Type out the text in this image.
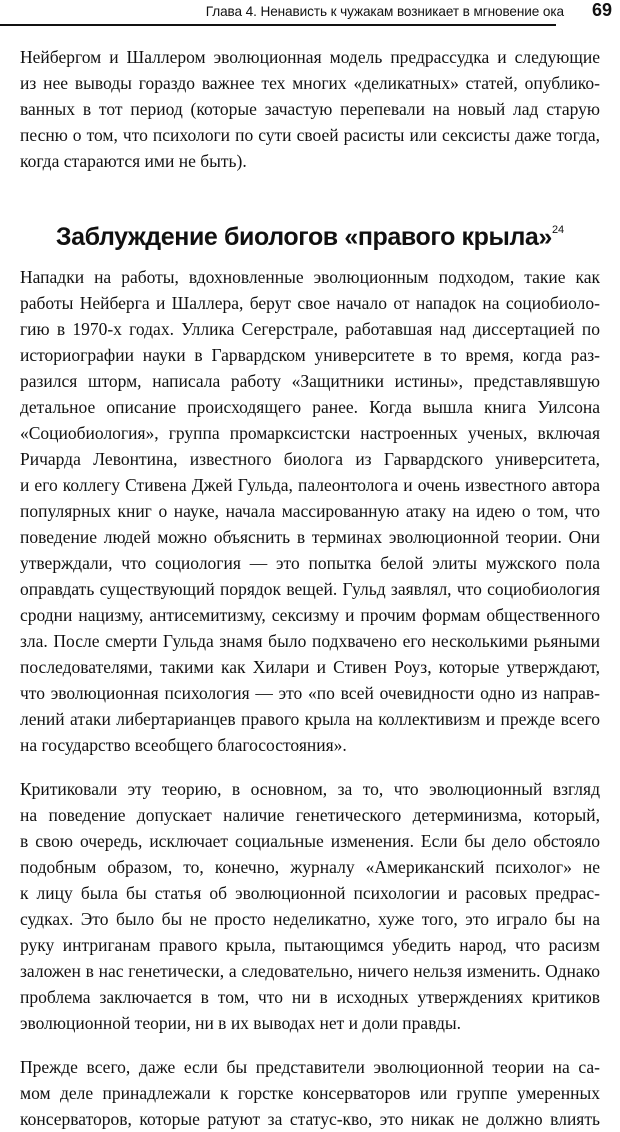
Глава 4. Ненависть к чужакам возникает в мгновение ока 69
Нейбергом и Шаллером эволюционная модель предрассудка и следующие
из нее выводы гораздо важнее тех многих «деликатных» статей, опублико-
ванных в тот период (которые зачастую перепевали на новый лад старую
песню о том, что психологи по сути своей расисты или сексисты даже тогда,
когда стараются ими не быть).
Заблуждение биологов «правого крыла»$^{24}$
Нападки на работы, вдохновленные эволюционным подходом, такие как
работы Нейберга и Шаллера, берут свое начало от нападок на социобиоло-
гию в 1970-х годах. Уллика Сегерстрале, работавшая над диссертацией по
историографии науки в Гарвардском университете в то время, когда раз-
разился шторм, написала работу «Защитники истины», представлявшую
детальное описание происходящего ранее. Когда вышла книга Уилсона
«Социобиология», группа промарксистски настроенных ученых, включая
Ричарда Левонтина, известного биолога из Гарвардского университета,
и его коллегу Стивена Джей Гульда, палеонтолога и очень известного автора
популярных книг о науке, начала массированную атаку на идею о том, что
поведение людей можно объяснить в терминах эволюционной теории. Они
утверждали, что социология — это попытка белой элиты мужского пола
оправдать существующий порядок вещей. Гульд заявлял, что социобиология
сродни нацизму, антисемитизму, сексизму и прочим формам общественного
зла. После смерти Гульда знамя было подхвачено его несколькими рьяными
последователями, такими как Хилари и Стивен Роуз, которые утверждают,
что эволюционная психология — это «по всей очевидности одно из направ-
лений атаки либертарианцев правого крыла на коллективизм и прежде всего
на государство всеобщего благосостояния».
Критиковали эту теорию, в основном, за то, что эволюционный взгляд
на поведение допускает наличие генетического детерминизма, который,
в свою очередь, исключает социальные изменения. Если бы дело обстояло
подобным образом, то, конечно, журналу «Американский психолог» не
к лицу была бы статья об эволюционной психологии и расовых предрас-
судках. Это было бы не просто неделикатно, хуже того, это играло бы на
руку интриганам правого крыла, пытающимся убедить народ, что расизм
заложен в нас генетически, а следовательно, ничего нельзя изменить. Однако
проблема заключается в том, что ни в исходных утверждениях критиков
эволюционной теории, ни в их выводах нет и доли правды.
Прежде всего, даже если бы представители эволюционной теории на са-
мом деле принадлежали к горстке консерваторов или группе умеренных
консерваторов, которые ратуют за статус-кво, это никак не должно влиять
